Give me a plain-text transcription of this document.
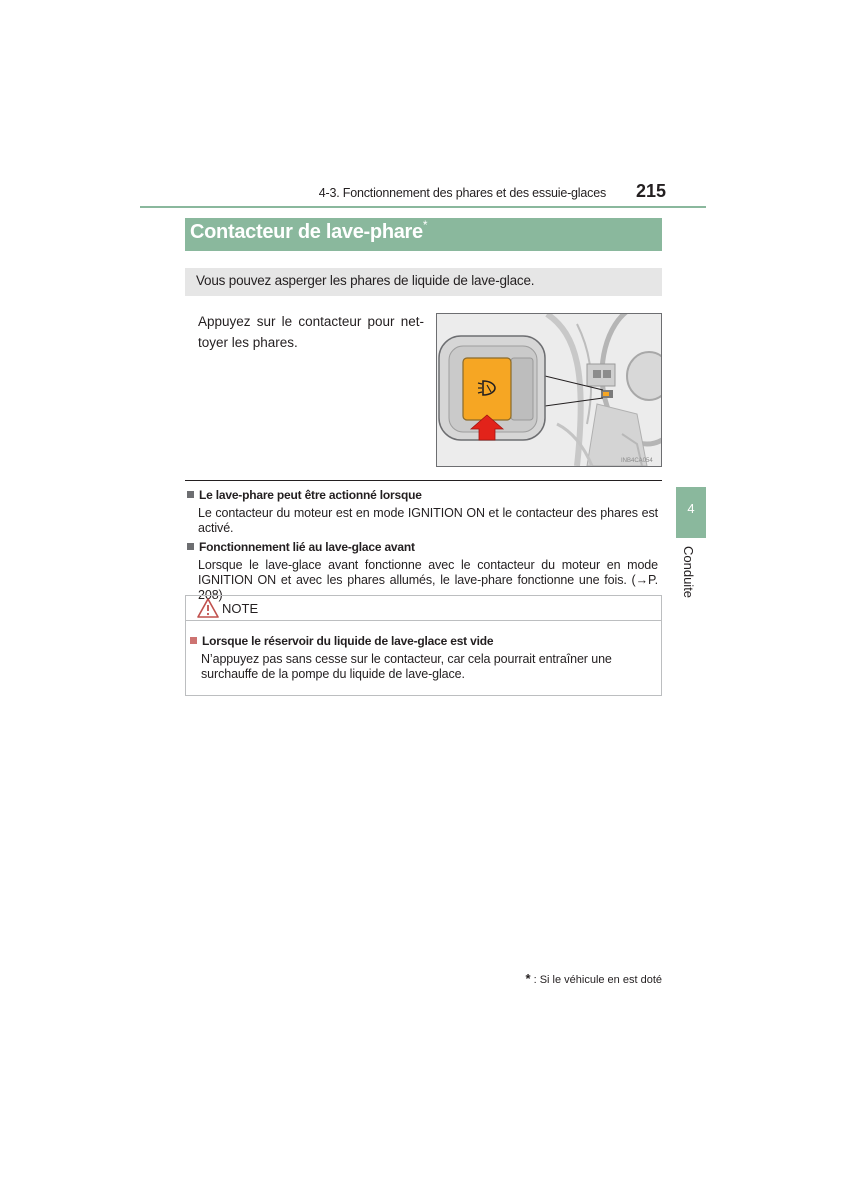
4-3. Fonctionnement des phares et des essuie-glaces 215
Contacteur de lave-phare*
Vous pouvez asperger les phares de liquide de lave-glace.
Appuyez sur le contacteur pour net-toyer les phares.
INB4CA054
Le lave-phare peut être actionné lorsque
Le contacteur du moteur est en mode IGNITION ON et le contacteur des phares est activé.
Fonctionnement lié au lave-glace avant
Lorsque le lave-glace avant fonctionne avec le contacteur du moteur en mode IGNITION ON et avec les phares allumés, le lave-phare fonctionne une fois. (→P. 208)
NOTE
Lorsque le réservoir du liquide de lave-glace est vide
N’appuyez pas sans cesse sur le contacteur, car cela pourrait entraîner une surchauffe de la pompe du liquide de lave-glace.
4
Conduite
* : Si le véhicule en est doté
